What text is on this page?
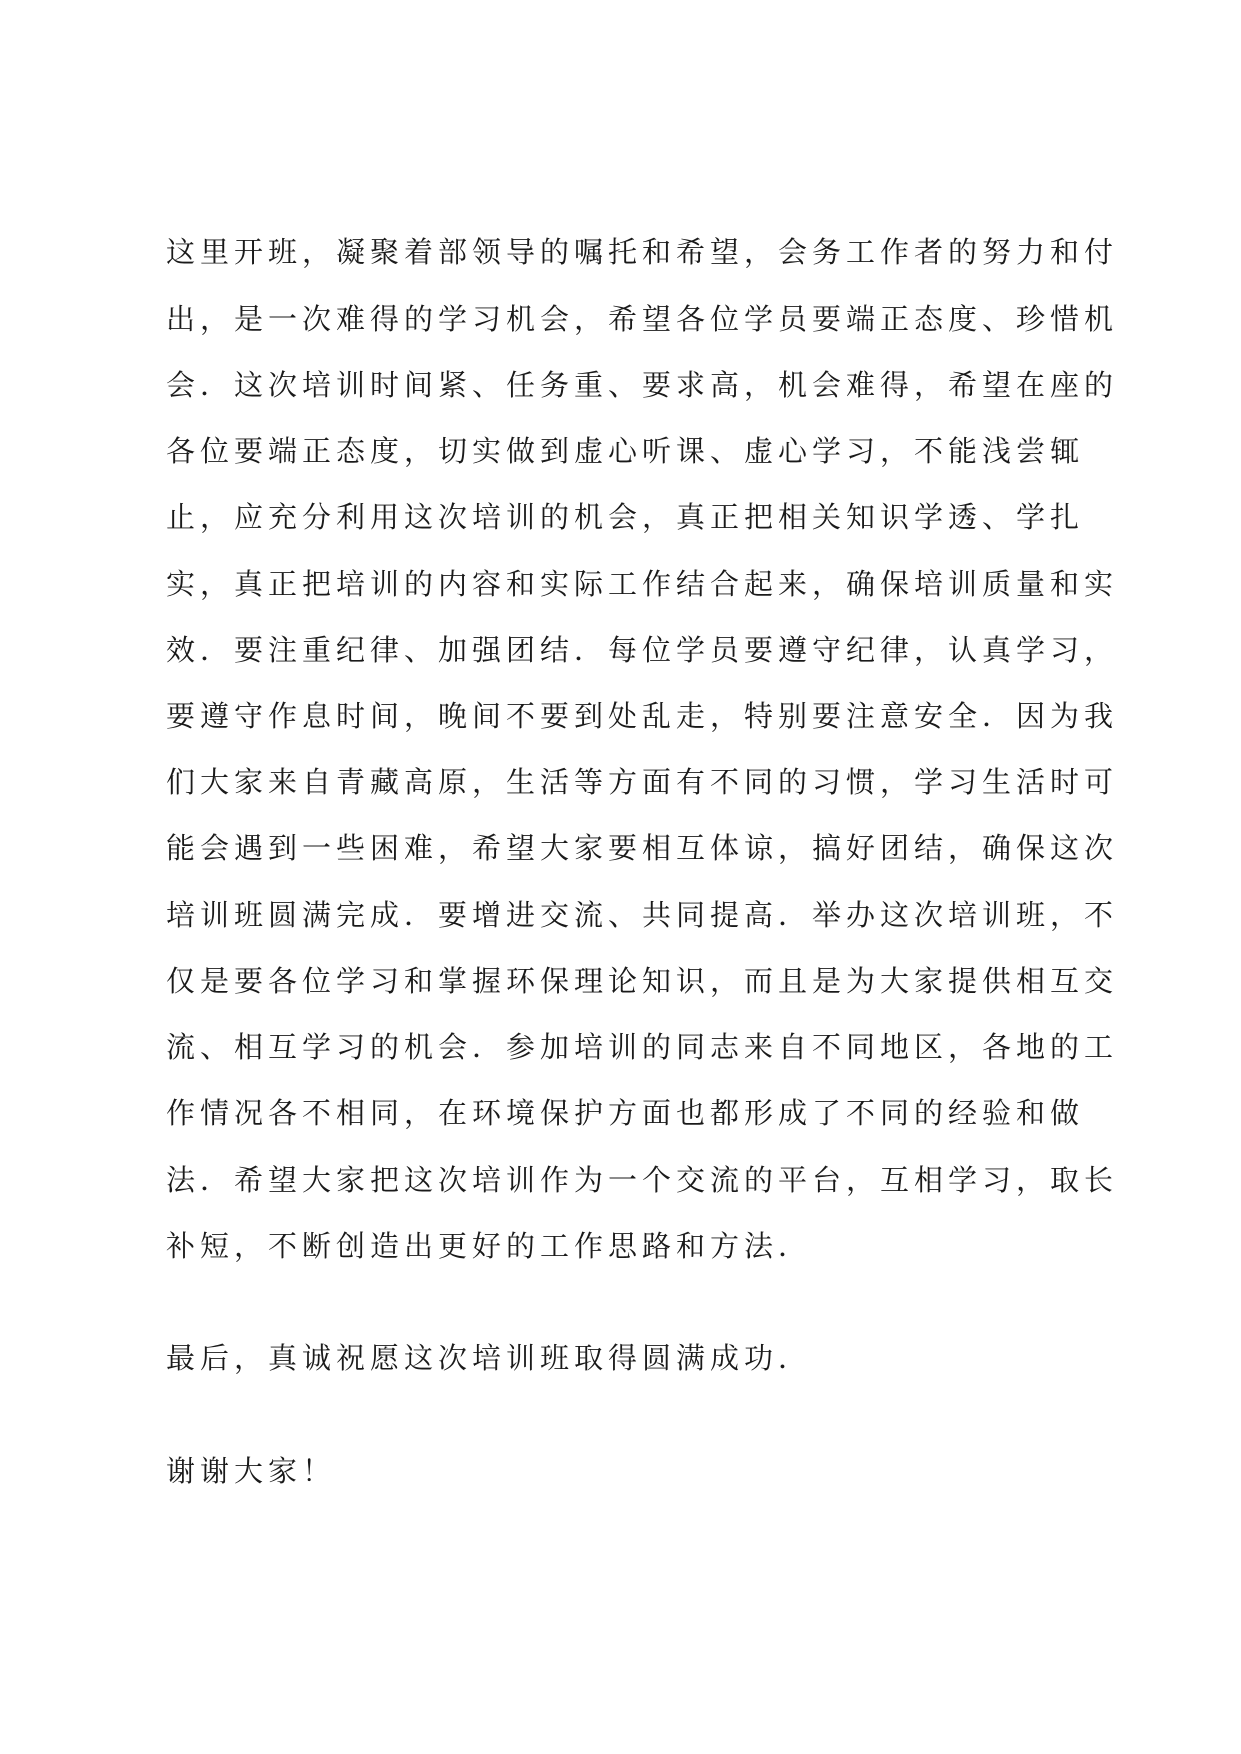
这里开班，凝聚着部领导的嘱托和希望，会务工作者的努力和付

出，是一次难得的学习机会，希望各位学员要端正态度、珍惜机

会．这次培训时间紧、任务重、要求高，机会难得，希望在座的

各位要端正态度，切实做到虚心听课、虚心学习，不能浅尝辄

止，应充分利用这次培训的机会，真正把相关知识学透、学扎

实，真正把培训的内容和实际工作结合起来，确保培训质量和实

效．要注重纪律、加强团结．每位学员要遵守纪律，认真学习，

要遵守作息时间，晚间不要到处乱走，特别要注意安全．因为我

们大家来自青藏高原，生活等方面有不同的习惯，学习生活时可

能会遇到一些困难，希望大家要相互体谅，搞好团结，确保这次

培训班圆满完成．要增进交流、共同提高．举办这次培训班，不

仅是要各位学习和掌握环保理论知识，而且是为大家提供相互交

流、相互学习的机会．参加培训的同志来自不同地区，各地的工

作情况各不相同，在环境保护方面也都形成了不同的经验和做

法．希望大家把这次培训作为一个交流的平台，互相学习，取长

补短，不断创造出更好的工作思路和方法．

最后，真诚祝愿这次培训班取得圆满成功．

谢谢大家！
